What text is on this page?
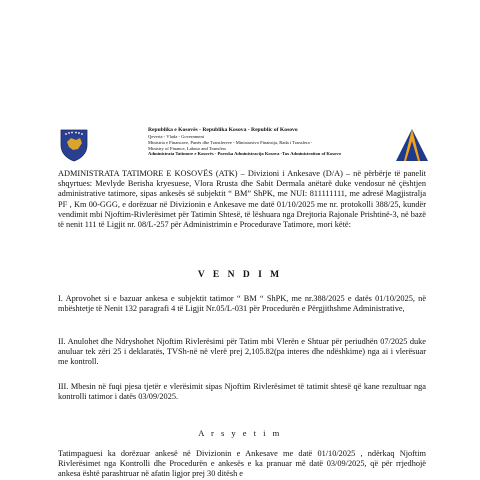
Republika e Kosovës - Republika Kosova - Republic of Kosovo
Qeveria - Vlada - Government
Ministria e Financave, Punës dhe Transfereve - Ministarstvo Finansija, Rada i Transfera -
Ministry of Finance, Labour and Transfers
Administrata Tatimore e Kosovës - Poreska Administracija Kosova -Tax Administration of Kosovo

ADMINISTRATA TATIMORE E KOSOVËS (ATK) – Divizioni i Ankesave (D/A) – në përbërje të panelit shqyrtues: Mevlyde Berisha kryesuese, Vlora Rrusta dhe Sabit Dermala anëtarë duke vendosur në çështjen administrative tatimore, sipas ankesës së subjektit “ BM” ShPK, me NUI: 811111111, me adresë Magjistralja PF , Km 00-GGG, e dorëzuar në Divizionin e Ankesave me datë 01/10/2025 me nr. protokolli 388/25, kundër vendimit mbi Njoftim-Rivlerësimet për Tatimin Shtesë, të lëshuara nga Drejtoria Rajonale Prishtinë-3, në bazë të nenit 111 të Ligjit nr. 08/L-257 për Administrimin e Procedurave Tatimore, mori këtë:

V E N D I M
I. Aprovohet si e bazuar ankesa e subjektit tatimor “ BM “ ShPK, me nr.388/2025 e datës 01/10/2025, në mbështetje të Nenit 132 paragrafi 4 të Ligjit Nr.05/L-031 për Procedurën e Përgjithshme Administrative,
II. Anulohet dhe Ndryshohet Njoftim Rivlerësimi për Tatim mbi Vlerën e Shtuar për periudhën 07/2025 duke anuluar tek zëri 25 i deklaratës, TVSh-në në vlerë prej 2,105.82(pa interes dhe ndëshkime) nga ai i vlerësuar me kontroll.
III. Mbesin në fuqi pjesa tjetër e vlerësimit sipas Njoftim Rivlerësimet të tatimit shtesë që kane rezultuar nga kontrolli tatimor i datës 03/09/2025.
A r s y e t i m
Tatimpaguesi ka dorëzuar ankesë në Divizionin e Ankesave me datë 01/10/2025 , ndërkaq Njoftim Rivlerësimet nga Kontrolli dhe Procedurën e ankesës e ka pranuar më datë 03/09/2025, që për rrjedhojë ankesa është parashtruar në afatin ligjor prej 30 ditësh e
